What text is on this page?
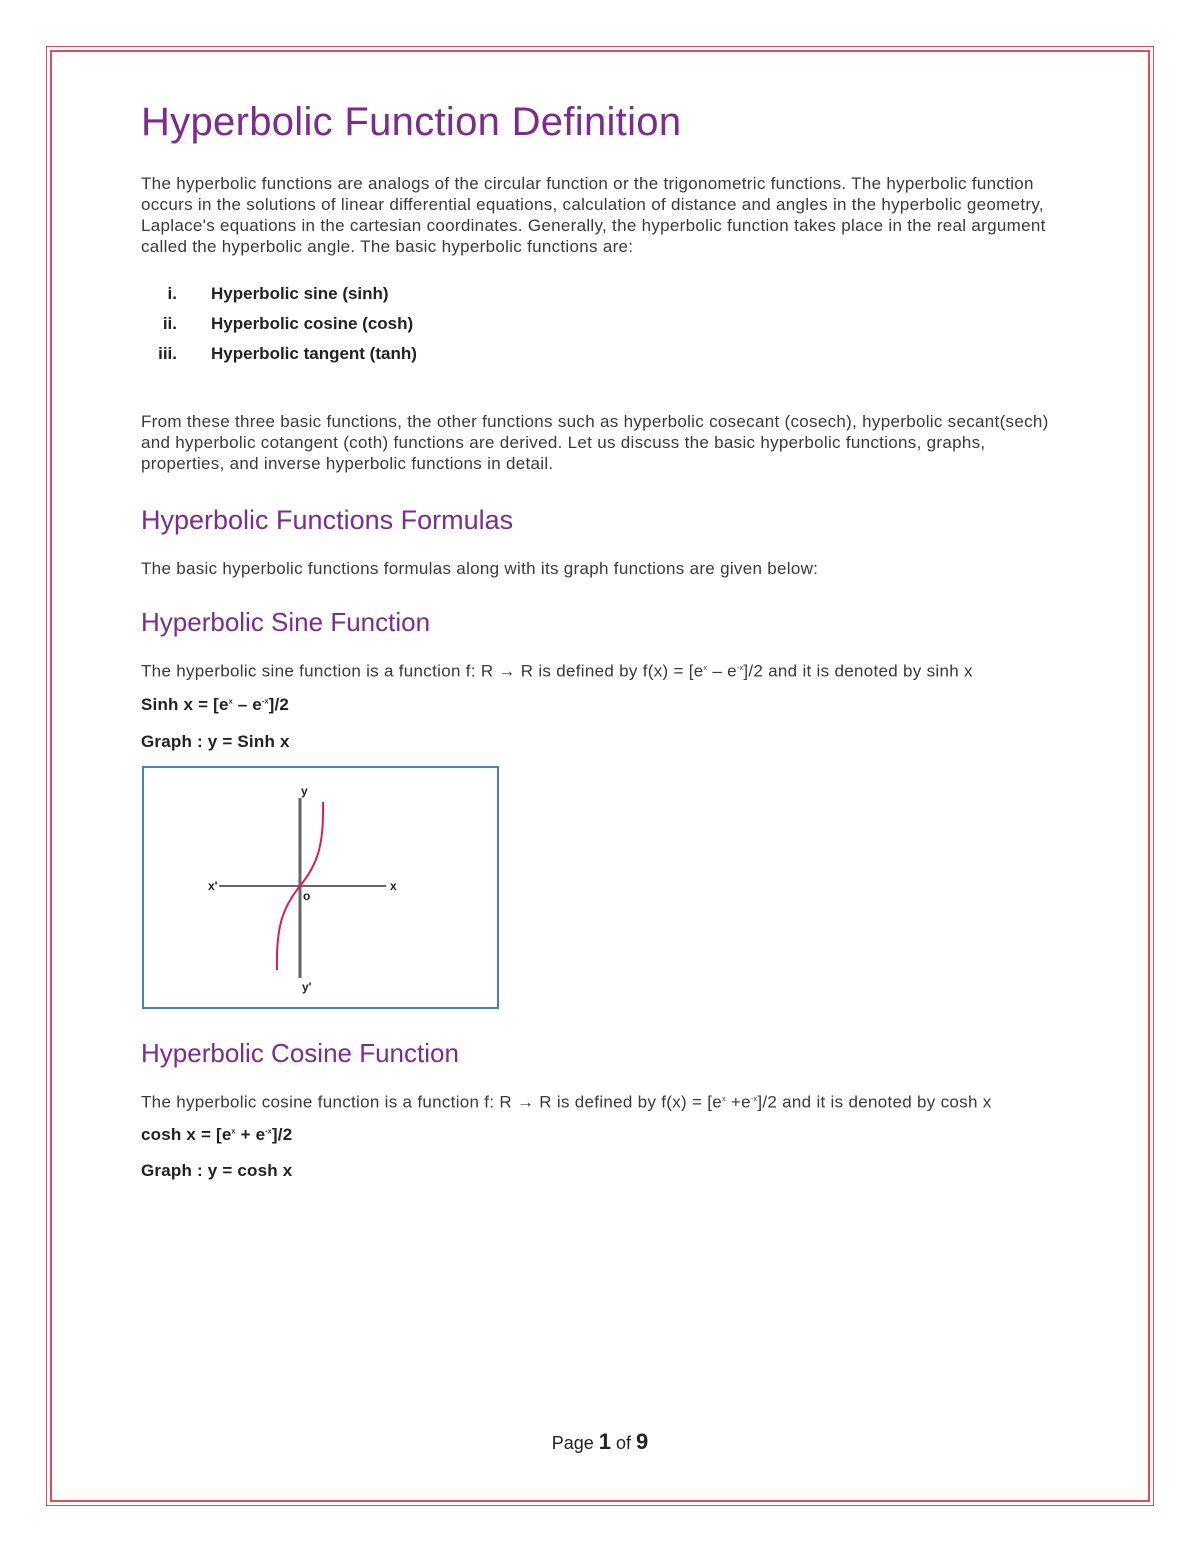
Hyperbolic Function Definition

The hyperbolic functions are analogs of the circular function or the trigonometric functions. The hyperbolic function occurs in the solutions of linear differential equations, calculation of distance and angles in the hyperbolic geometry, Laplace's equations in the cartesian coordinates. Generally, the hyperbolic function takes place in the real argument called the hyperbolic angle. The basic hyperbolic functions are:

i. Hyperbolic sine (sinh)
ii. Hyperbolic cosine (cosh)
iii. Hyperbolic tangent (tanh)

From these three basic functions, the other functions such as hyperbolic cosecant (cosech), hyperbolic secant(sech) and hyperbolic cotangent (coth) functions are derived. Let us discuss the basic hyperbolic functions, graphs, properties, and inverse hyperbolic functions in detail.

Hyperbolic Functions Formulas

The basic hyperbolic functions formulas along with its graph functions are given below:

Hyperbolic Sine Function

The hyperbolic sine function is a function f: R → R is defined by $f(x) = [e^x - e^{-x}]/2$ and it is denoted by sinh x

Sinh $x = [e^x - e^{-x}]/2$
Graph : y = Sinh x
y
y'
x
x'
o
Hyperbolic Cosine Function

The hyperbolic cosine function is a function f: R → R is defined by $f(x) = [e^x +e^{-x}]/2$ and it is denoted by cosh x

$\cosh x = [e^x + e^{-x}]/2$
Graph : y = cosh x
Page 1 of 9
